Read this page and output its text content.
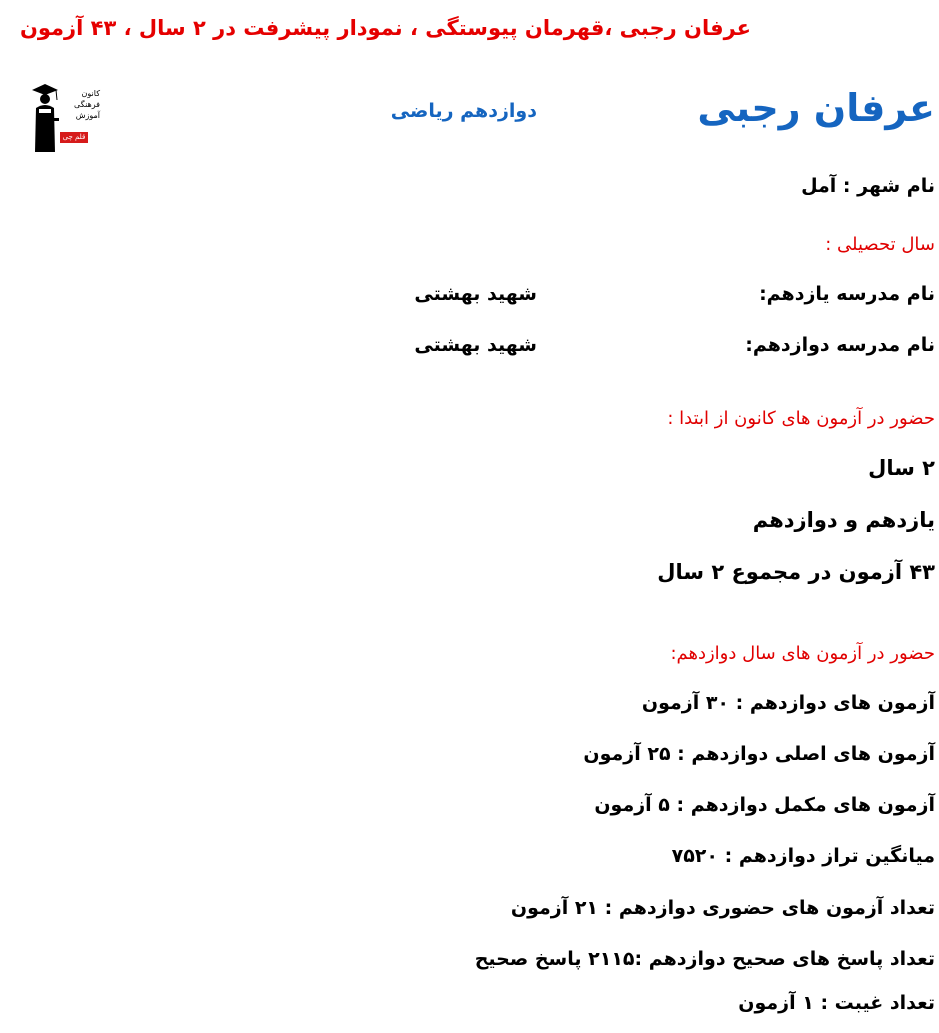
عرفان رجبی ،قهرمان پیوستگی ، نمودار پیشرفت در ۲ سال ، ۴۳ آزمون
کانون
فرهنگی
آموزش
قلم چی
عرفان رجبی
دوازدهم ریاضی
نام شهر : آمل
سال تحصیلی :
نام مدرسه یازدهم:
شهید بهشتی
نام مدرسه دوازدهم:
شهید بهشتی
حضور در آزمون های کانون از ابتدا :
۲ سال
یازدهم و دوازدهم
۴۳ آزمون در مجموع ۲ سال
حضور در آزمون های سال دوازدهم:
آزمون های دوازدهم : ۳۰ آزمون
آزمون های اصلی دوازدهم : ۲۵ آزمون
آزمون های مکمل دوازدهم : ۵ آزمون
میانگین تراز دوازدهم : ۷۵۲۰
تعداد آزمون های حضوری دوازدهم : ۲۱ آزمون
تعداد پاسخ های صحیح دوازدهم :۲۱۱۵ پاسخ صحیح
تعداد غیبت : ۱ آزمون
